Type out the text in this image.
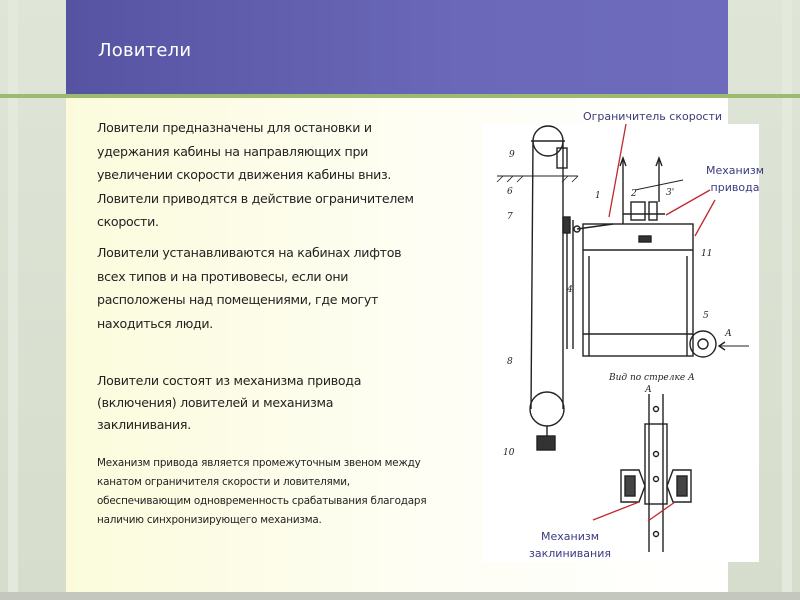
Ловители

Ловители предназначены для остановки и удержания кабины на направляющих при увеличении скорости движения кабины вниз. Ловители приводятся в действие ограничителем скорости.

Ловители устанавливаются на кабинах лифтов всех типов и на противовесы, если они расположены над помещениями, где могут находиться люди.

Ловители состоят из механизма привода (включения) ловителей и механизма заклинивания.

Механизм привода является промежуточным звеном между канатом ограничителя скорости и ловителями, обеспечивающим одновременность срабатывания благодаря наличию синхронизирующего механизма.

9
10
6
7
1	2	3'
4
5
8
11
А
А
Вид по стрелке А
Ограничитель скорости
Механизм
привода
Механизм
заклинивания
